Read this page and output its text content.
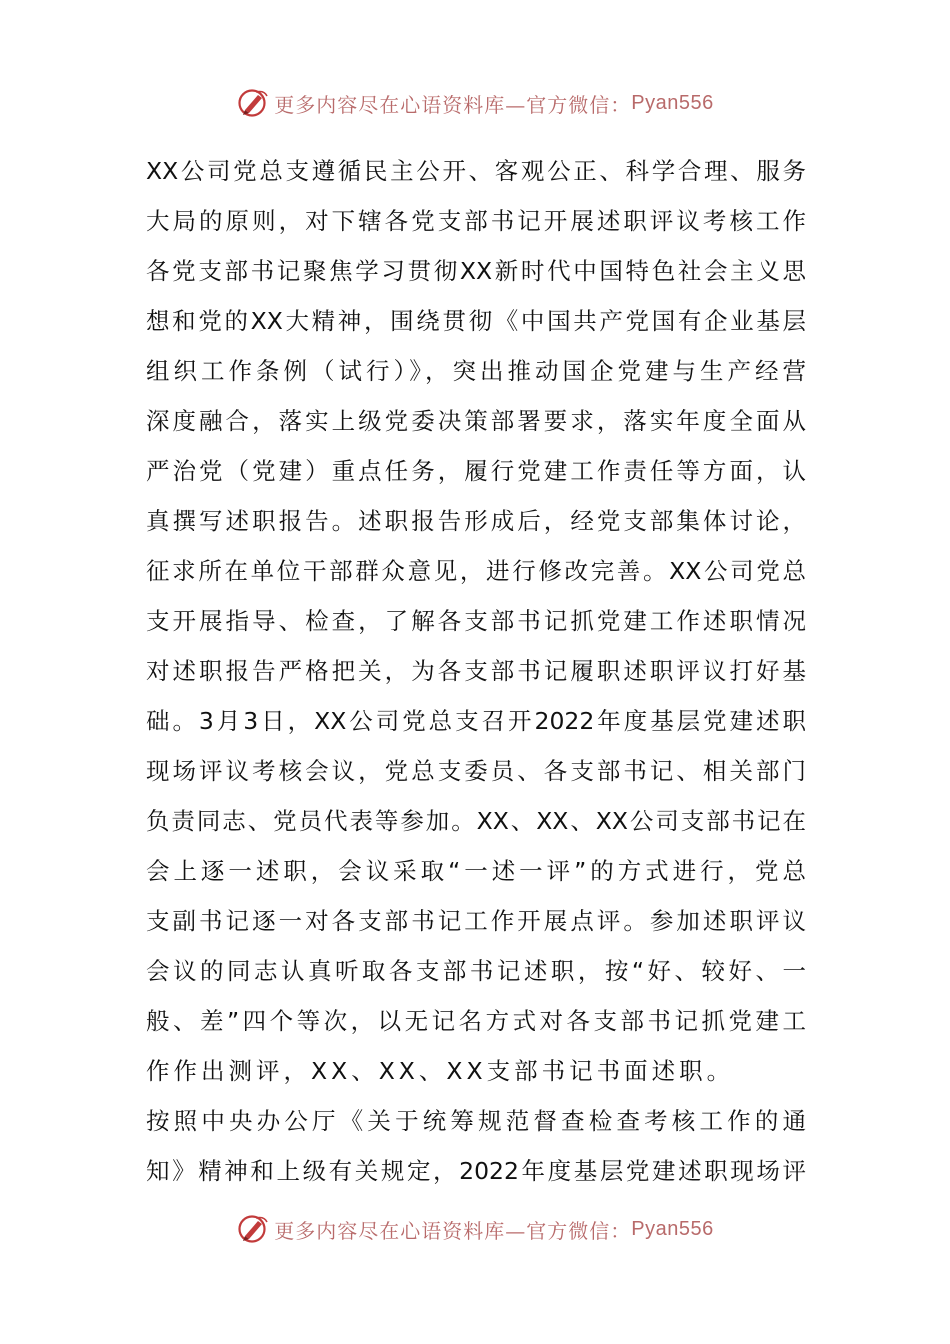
更多内容尽在心语资料库—官方微信： Pyan556
XX公司党总支遵循民主公开、客观公正、科学合理、服务
大局的原则，对下辖各党支部书记开展述职评议考核工作
各党支部书记聚焦学习贯彻XX新时代中国特色社会主义思
想和党的XX大精神，围绕贯彻《中国共产党国有企业基层
组织工作条例（试行）》，突出推动国企党建与生产经营
深度融合，落实上级党委决策部署要求，落实年度全面从
严治党（党建）重点任务，履行党建工作责任等方面，认
真撰写述职报告。述职报告形成后，经党支部集体讨论，
征求所在单位干部群众意见，进行修改完善。XX公司党总
支开展指导、检查，了解各支部书记抓党建工作述职情况
对述职报告严格把关，为各支部书记履职述职评议打好基
础。3月3日，XX公司党总支召开2022年度基层党建述职
现场评议考核会议，党总支委员、各支部书记、相关部门
负责同志、党员代表等参加。XX、XX、XX公司支部书记在
会上逐一述职，会议采取“一述一评”的方式进行，党总
支副书记逐一对各支部书记工作开展点评。参加述职评议
会议的同志认真听取各支部书记述职，按“好、较好、一
般、差”四个等次，以无记名方式对各支部书记抓党建工
作作出测评，XX、XX、XX支部书记书面述职。
按照中央办公厅《关于统筹规范督查检查考核工作的通
知》精神和上级有关规定，2022年度基层党建述职现场评
更多内容尽在心语资料库—官方微信： Pyan556
